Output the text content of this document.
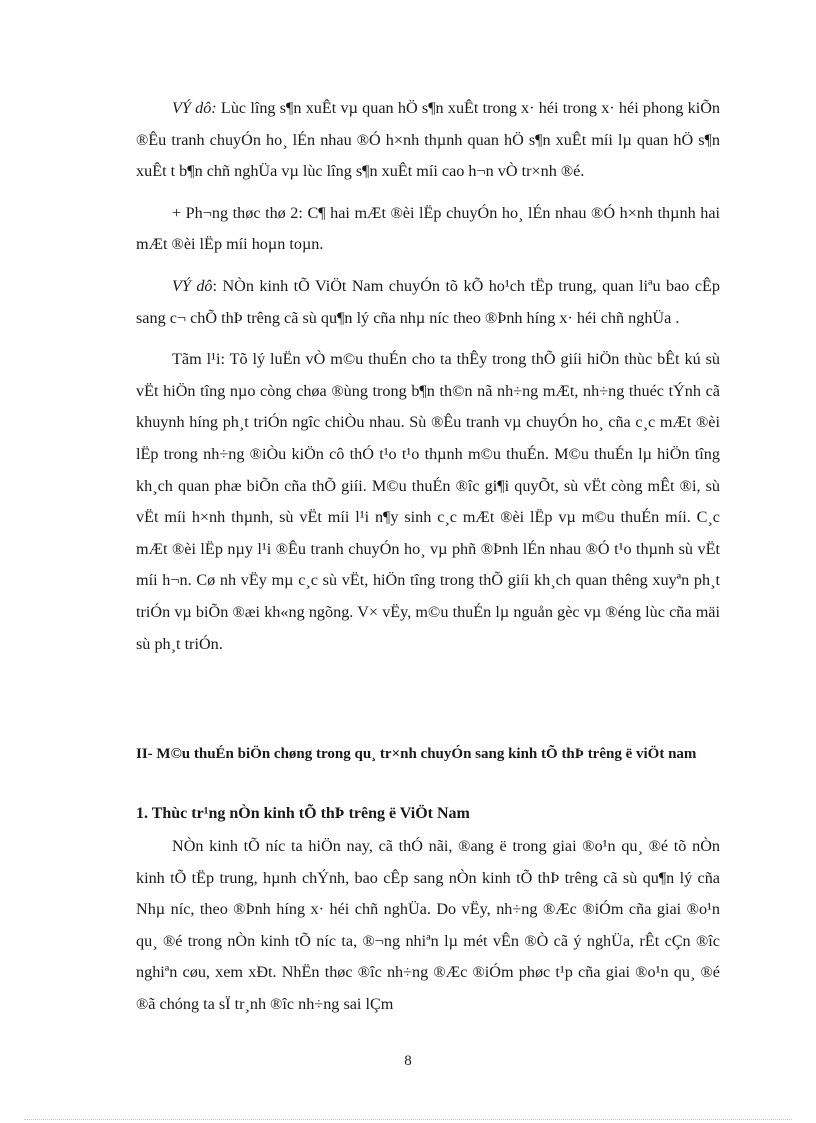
VÝ dô: Lùc lîng s¶n xuÊt vµ quan hÖ s¶n xuÊt trong x· héi trong x· héi phong kiÕn ®Êu tranh chuyÓn ho¸ lÉn nhau ®Ó h×nh thµnh quan hÖ s¶n xuÊt míi lµ quan hÖ s¶n xuÊt t b¶n chñ nghÜa vµ lùc lîng s¶n xuÊt míi cao h¬n vÒ tr×nh ®é.

+ Ph¬ng thøc thø 2: C¶ hai mÆt ®èi lËp chuyÓn ho¸ lÉn nhau ®Ó h×nh thµnh hai mÆt ®èi lËp míi hoµn toµn.

VÝ dô: NÒn kinh tÕ ViÖt Nam chuyÓn tõ kÕ ho¹ch tËp trung, quan liªu bao cÊp sang c¬ chÕ thÞ trêng cã sù qu¶n lý cña nhµ níc theo ®Þnh híng x· héi chñ nghÜa .

Tãm l¹i: Tõ lý luËn vÒ m©u thuÉn cho ta thÊy trong thÕ giíi hiÖn thùc bÊt kú sù vËt hiÖn tîng nµo còng chøa ®ùng trong b¶n th©n nã nh÷ng mÆt, nh÷ng thuéc tÝnh cã khuynh híng ph¸t triÓn ngîc chiÒu nhau. Sù ®Êu tranh vµ chuyÓn ho¸ cña c¸c mÆt ®èi lËp trong nh÷ng ®iÒu kiÖn cô thÓ t¹o t¹o thµnh m©u thuÉn. M©u thuÉn lµ hiÖn tîng kh¸ch quan phæ biÕn cña thÕ giíi. M©u thuÉn ®îc gi¶i quyÕt, sù vËt còng mÊt ®i, sù vËt míi h×nh thµnh, sù vËt míi l¹i n¶y sinh c¸c mÆt ®èi lËp vµ m©u thuÉn míi. C¸c mÆt ®èi lËp nµy l¹i ®Êu tranh chuyÓn ho¸ vµ phñ ®Þnh lÉn nhau ®Ó t¹o thµnh sù vËt míi h¬n. Cø nh vËy mµ c¸c sù vËt, hiÖn tîng trong thÕ giíi kh¸ch quan thêng xuyªn ph¸t triÓn vµ biÕn ®æi kh«ng ngõng. V× vËy, m©u thuÉn lµ nguån gèc vµ ®éng lùc cña mäi sù ph¸t triÓn.

II- M©u thuÉn biÖn chøng trong qu¸ tr×nh chuyÓn sang kinh tÕ thÞ trêng ë viÖt nam

1. Thùc tr¹ng nÒn kinh tÕ thÞ trêng ë ViÖt Nam

NÒn kinh tÕ níc ta hiÖn nay, cã thÓ nãi, ®ang ë trong giai ®o¹n qu¸ ®é tõ nÒn kinh tÕ tËp trung, hµnh chÝnh, bao cÊp sang nÒn kinh tÕ thÞ trêng cã sù qu¶n lý cña Nhµ níc, theo ®Þnh híng x· héi chñ nghÜa. Do vËy, nh÷ng ®Æc ®iÓm cña giai ®o¹n qu¸ ®é trong nÒn kinh tÕ níc ta, ®¬ng nhiªn lµ mét vÊn ®Ò cã ý nghÜa, rÊt cÇn ®îc nghiªn cøu, xem xÐt. NhËn thøc ®îc nh÷ng ®Æc ®iÓm phøc t¹p cña giai ®o¹n qu¸ ®é ®ã chóng ta sÏ tr¸nh ®îc nh÷ng sai lÇm

8
